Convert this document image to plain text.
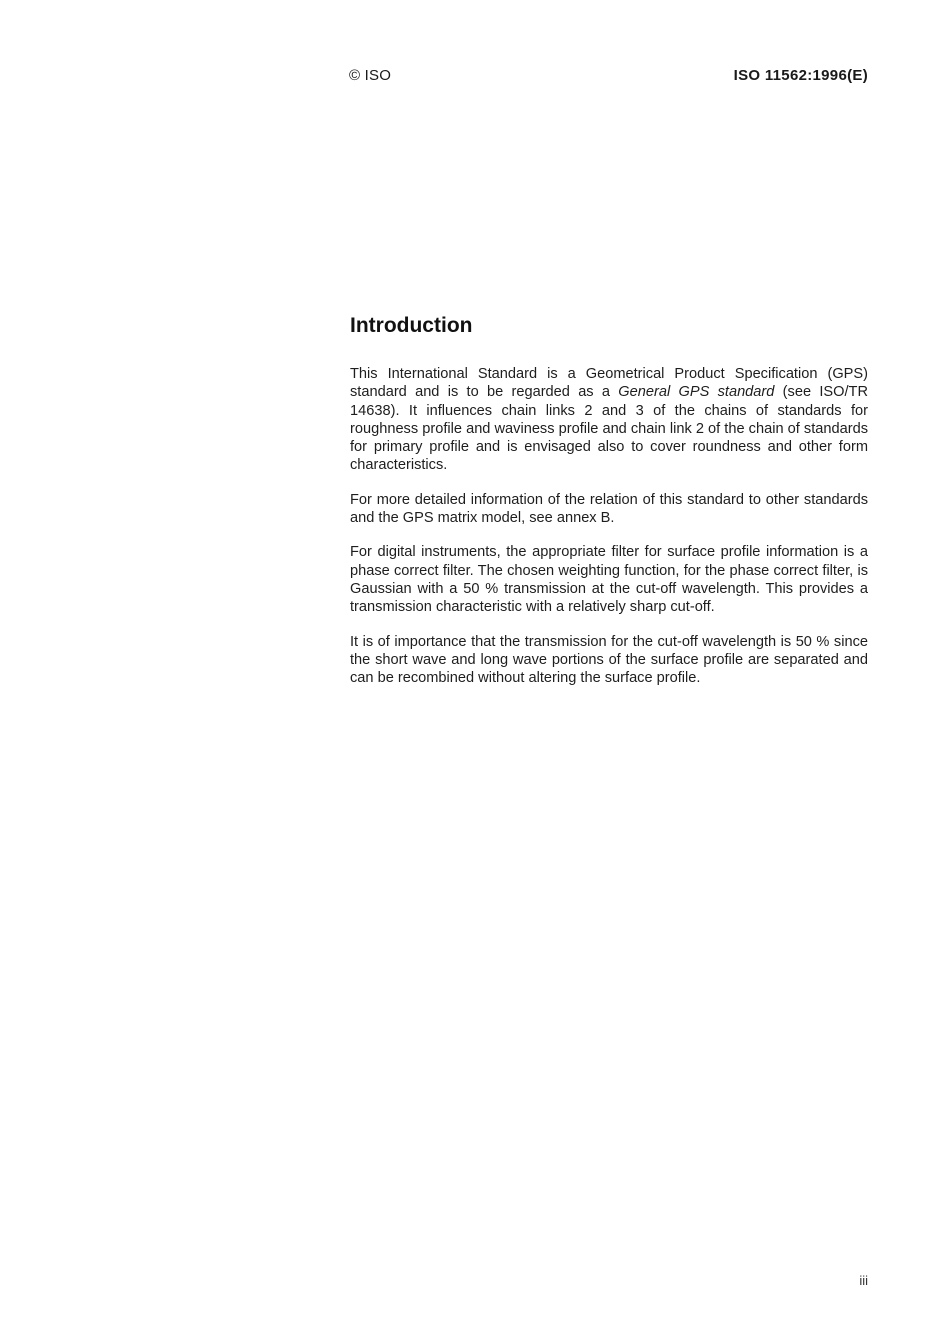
© ISO	ISO 11562:1996(E)
Introduction

This International Standard is a Geometrical Product Specification (GPS) standard and is to be regarded as a General GPS standard (see ISO/TR 14638). It influences chain links 2 and 3 of the chains of standards for roughness profile and waviness profile and chain link 2 of the chain of standards for primary profile and is envisaged also to cover roundness and other form characteristics.

For more detailed information of the relation of this standard to other standards and the GPS matrix model, see annex B.

For digital instruments, the appropriate filter for surface profile information is a phase correct filter. The chosen weighting function, for the phase correct filter, is Gaussian with a 50 % transmission at the cut-off wavelength. This provides a transmission characteristic with a relatively sharp cut-off.

It is of importance that the transmission for the cut-off wavelength is 50 % since the short wave and long wave portions of the surface profile are separated and can be recombined without altering the surface profile.

iii
